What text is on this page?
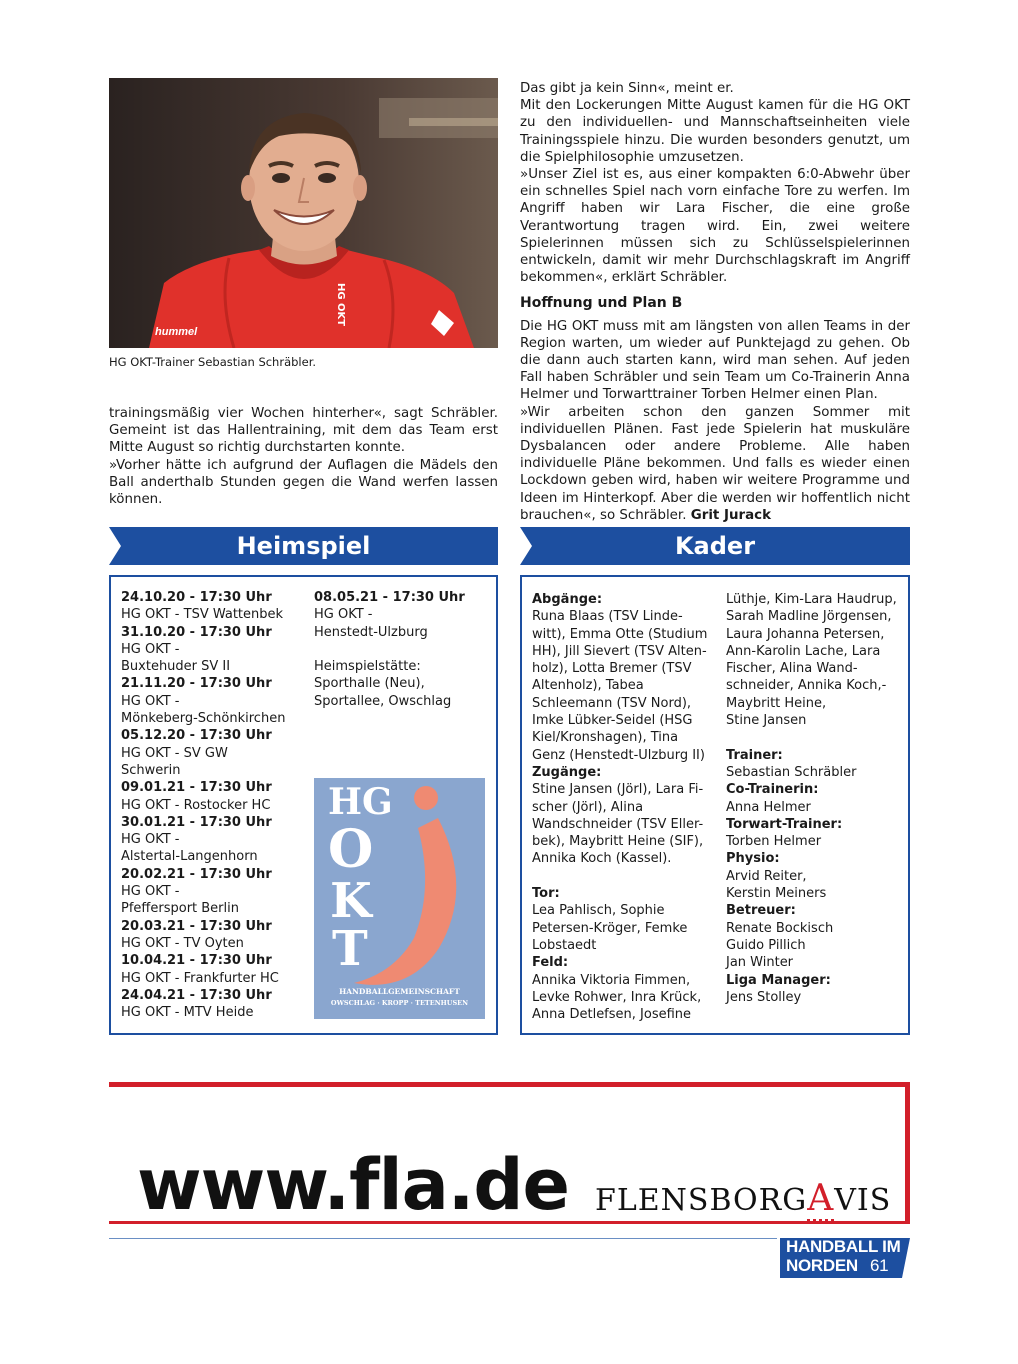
hummel
HG OKT
HG OKT-Trainer Sebastian Schräbler.

trainingsmäßig vier Wochen hinterher«, sagt Schräbler. Gemeint ist das Hallentraining, mit dem das Team erst Mitte August so richtig durchstarten konnte.

»Vorher hätte ich aufgrund der Auflagen die Mädels den Ball anderthalb Stunden gegen die Wand werfen lassen können.

Das gibt ja kein Sinn«, meint er.

Mit den Lockerungen Mitte August kamen für die HG OKT zu den individuellen- und Mannschaftseinheiten viele Trainingsspiele hinzu. Die wurden besonders genutzt, um die Spielphilosophie umzusetzen.

»Unser Ziel ist es, aus einer kompakten 6:0-Abwehr über ein schnelles Spiel nach vorn einfache Tore zu werfen. Im Angriff haben wir Lara Fischer, die eine große Verantwortung tragen wird. Ein, zwei weitere Spielerinnen müssen sich zu Schlüsselspielerinnen entwickeln, damit wir mehr Durchschlagskraft im Angriff bekommen«, erklärt Schräbler.

Hoffnung und Plan B

Die HG OKT muss mit am längsten von allen Teams in der Region warten, um wieder auf Punktejagd zu gehen. Ob die dann auch starten kann, wird man sehen. Auf jeden Fall haben Schräbler und sein Team um Co-Trainerin Anna Helmer und Torwarttrainer Torben Helmer einen Plan.

»Wir arbeiten schon den ganzen Sommer mit individuellen Plänen. Fast jede Spielerin hat muskuläre Dysbalancen oder andere Probleme. Alle haben individuelle Pläne bekommen. Und falls es wieder einen Lockdown geben wird, haben wir weitere Programme und Ideen im Hinterkopf. Aber die werden wir hoffentlich nicht brauchen«, so Schräbler. Grit Jurack

Heimspiel
24.10.20 - 17:30 Uhr
HG OKT - TSV Wattenbek
31.10.20 - 17:30 Uhr
HG OKT -
Buxtehuder SV II
21.11.20 - 17:30 Uhr
HG OKT -
Mönkeberg-Schönkirchen
05.12.20 - 17:30 Uhr
HG OKT - SV GW
Schwerin
09.01.21 - 17:30 Uhr
HG OKT - Rostocker HC
30.01.21 - 17:30 Uhr
HG OKT -
Alstertal-Langenhorn
20.02.21 - 17:30 Uhr
HG OKT -
Pfeffersport Berlin
20.03.21 - 17:30 Uhr
HG OKT - TV Oyten
10.04.21 - 17:30 Uhr
HG OKT - Frankfurter HC
24.04.21 - 17:30 Uhr
HG OKT - MTV Heide
08.05.21 - 17:30 Uhr
HG OKT -
Henstedt-Ulzburg
Heimspielstätte:
Sporthalle (Neu),
Sportallee, Owschlag
HG
O
K
T
HANDBALLGEMEINSCHAFT
OWSCHLAG · KROPP · TETENHUSEN
Kader
Abgänge:
Runa Blaas (TSV Linde-
witt), Emma Otte (Studium
HH), Jill Sievert (TSV Alten-
holz), Lotta Bremer (TSV
Altenholz), Tabea
Schleemann (TSV Nord),
Imke Lübker-Seidel (HSG
Kiel/Kronshagen), Tina
Genz (Henstedt-Ulzburg II)
Zugänge:
Stine Jansen (Jörl), Lara Fi-
scher (Jörl), Alina
Wandschneider (TSV Eller-
bek), Maybritt Heine (SIF),
Annika Koch (Kassel).
Tor:
Lea Pahlisch, Sophie
Petersen-Kröger, Femke
Lobstaedt
Feld:
Annika Viktoria Fimmen,
Levke Rohwer, Inra Krück,
Anna Detlefsen, Josefine
Lüthje, Kim-Lara Haudrup,
Sarah Madline Jörgensen,
Laura Johanna Petersen,
Ann-Karolin Lache, Lara
Fischer, Alina Wand-
schneider, Annika Koch,-
Maybritt Heine,
Stine Jansen
Trainer:
Sebastian Schräbler
Co-Trainerin:
Anna Helmer
Torwart-Trainer:
Torben Helmer
Physio:
Arvid Reiter,
Kerstin Meiners
Betreuer:
Renate Bockisch
Guido Pillich
Jan Winter
Liga Manager:
Jens Stolley
www.fla.de FLENSBORGAVIS
HANDBALL IM
NORDEN 61
